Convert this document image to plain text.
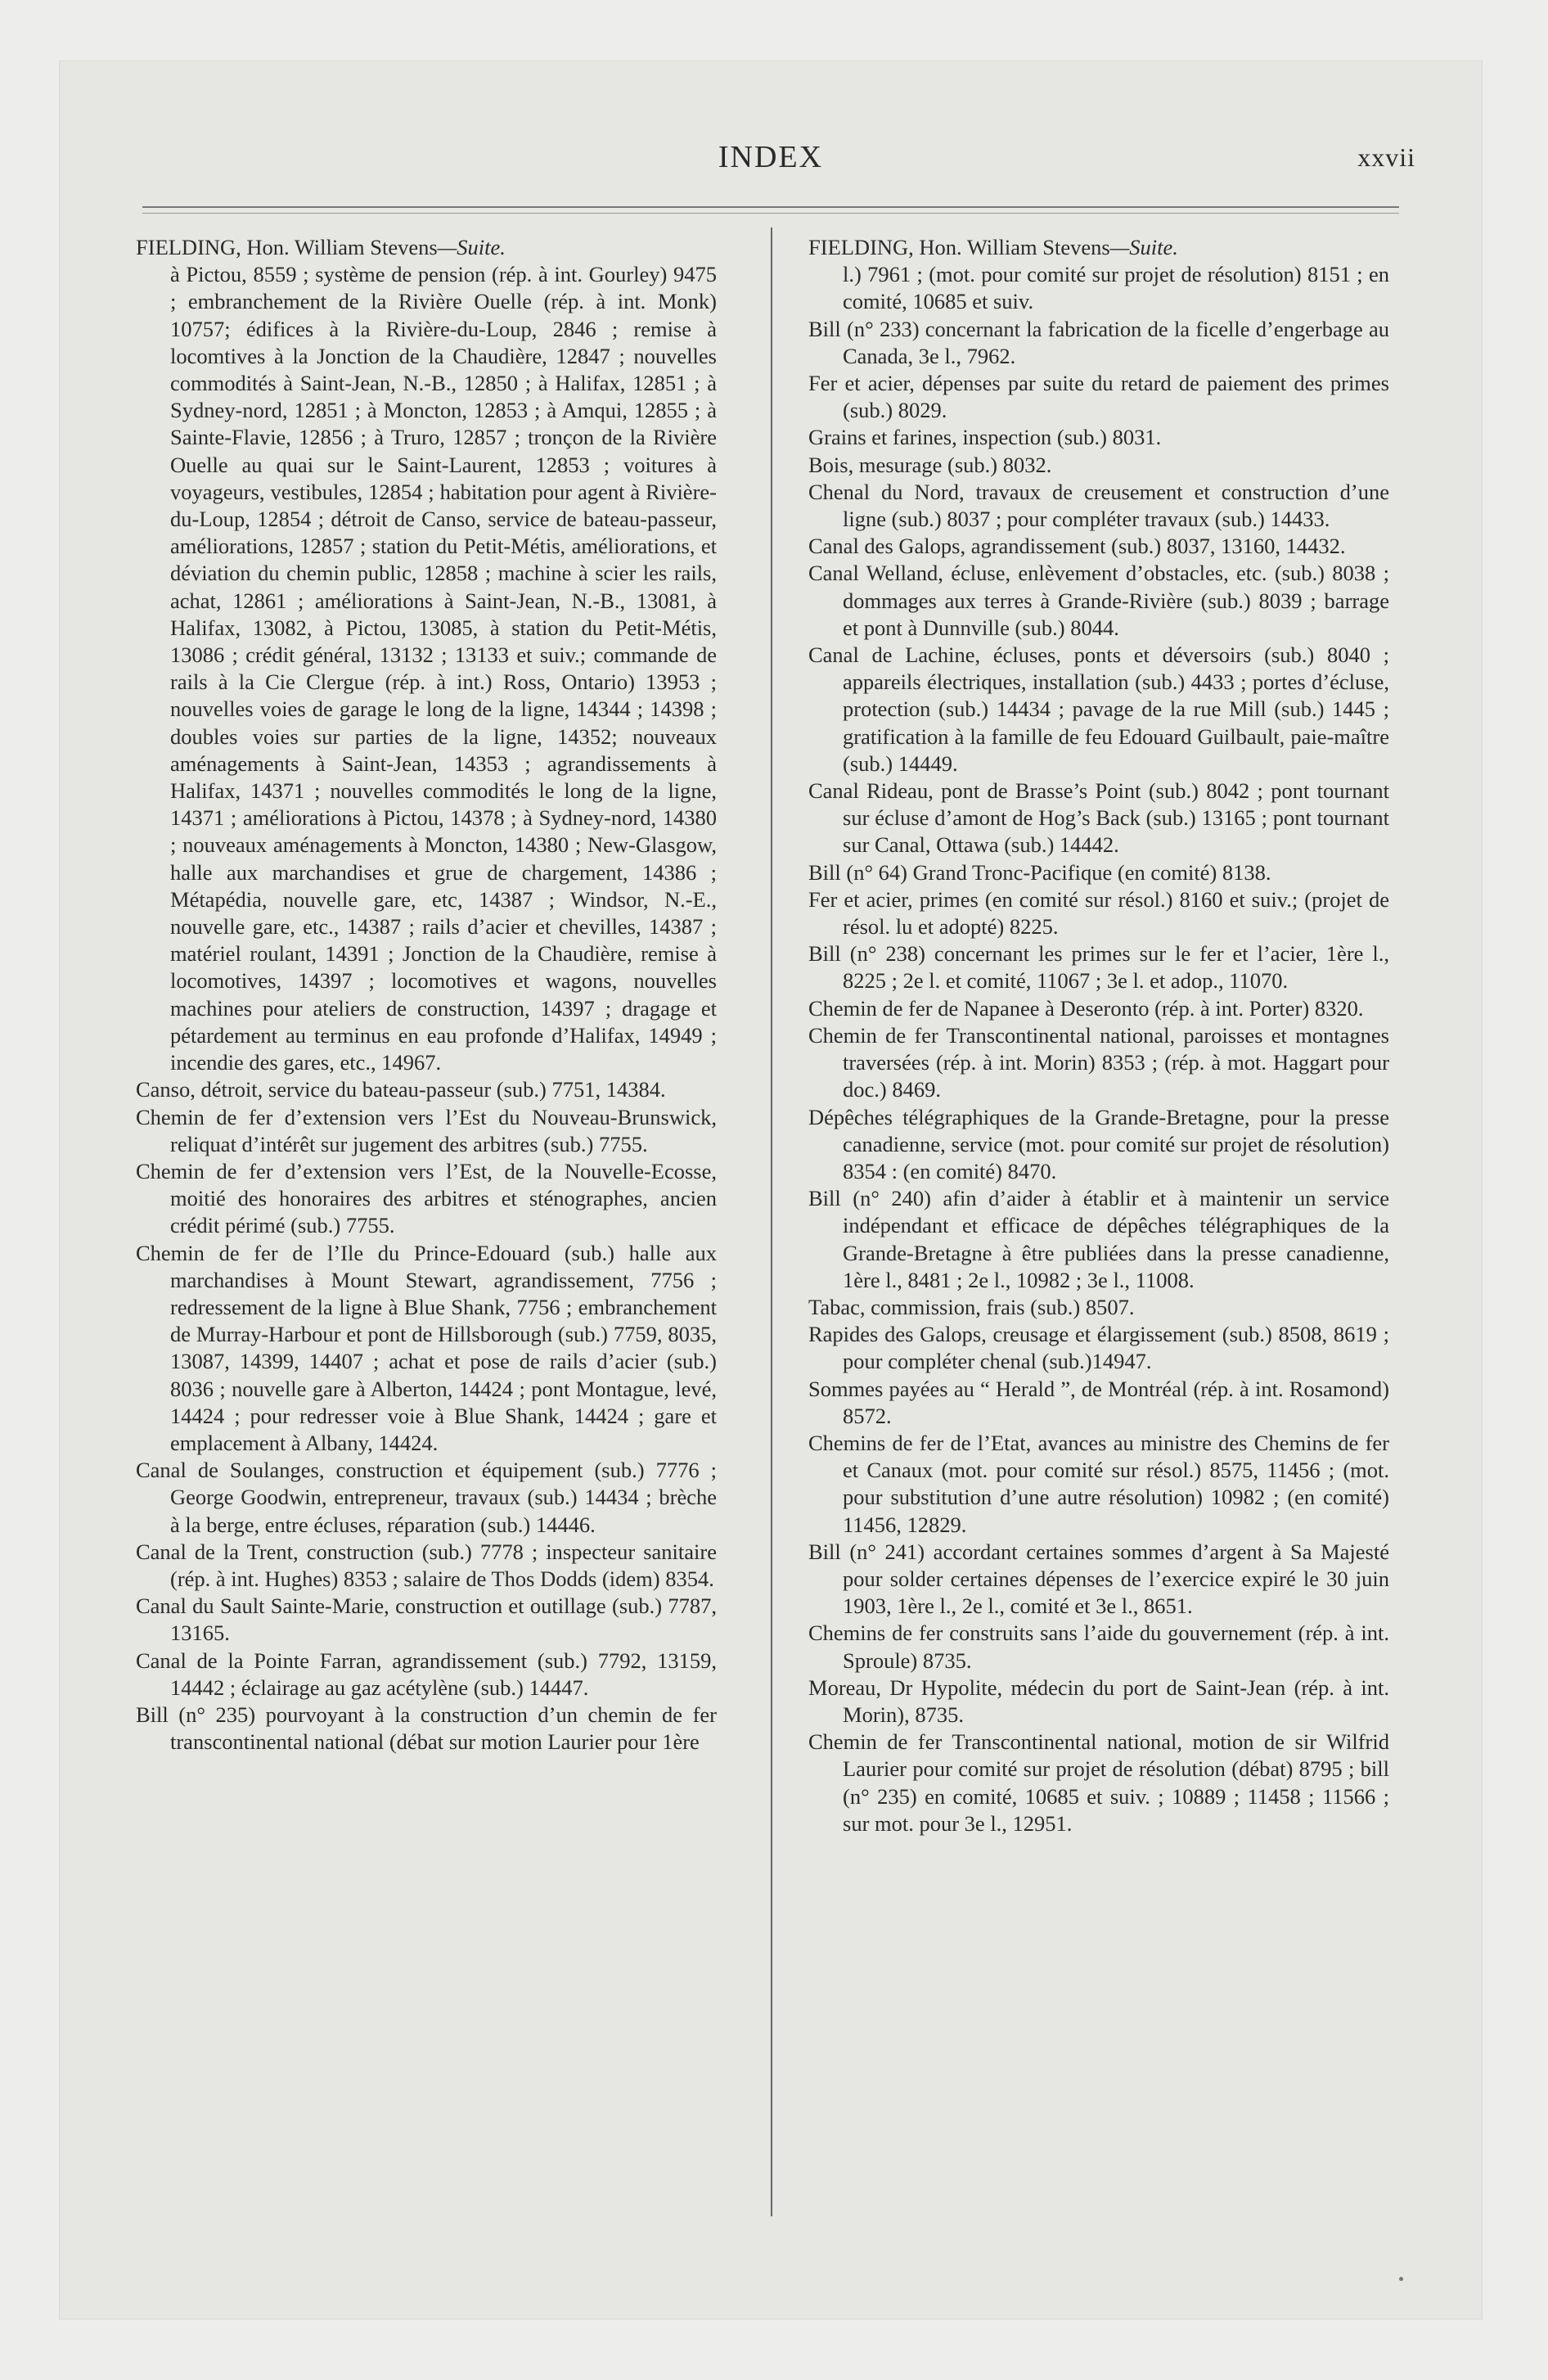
INDEX	xxvii

FIELDING, Hon. William Stevens—Suite.

à Pictou, 8559 ; système de pension (rép. à int. Gourley) 9475 ; embranchement de la Rivière Ouelle (rép. à int. Monk) 10757; édifices à la Rivière-du-Loup, 2846 ; remise à locomtives à la Jonction de la Chaudière, 12847 ; nouvelles commodités à Saint-Jean, N.-B., 12850 ; à Halifax, 12851 ; à Sydney-nord, 12851 ; à Moncton, 12853 ; à Amqui, 12855 ; à Sainte-Flavie, 12856 ; à Truro, 12857 ; tronçon de la Rivière Ouelle au quai sur le Saint-Laurent, 12853 ; voitures à voyageurs, vestibules, 12854 ; habitation pour agent à Rivière-du-Loup, 12854 ; détroit de Canso, service de bateau-passeur, améliorations, 12857 ; station du Petit-Métis, améliorations, et déviation du chemin public, 12858 ; machine à scier les rails, achat, 12861 ; améliorations à Saint-Jean, N.-B., 13081, à Halifax, 13082, à Pictou, 13085, à station du Petit-Métis, 13086 ; crédit général, 13132 ; 13133 et suiv.; commande de rails à la Cie Clergue (rép. à int.) Ross, Ontario) 13953 ; nouvelles voies de garage le long de la ligne, 14344 ; 14398 ; doubles voies sur parties de la ligne, 14352; nouveaux aménagements à Saint-Jean, 14353 ; agrandissements à Halifax, 14371 ; nouvelles commodités le long de la ligne, 14371 ; améliorations à Pictou, 14378 ; à Sydney-nord, 14380 ; nouveaux aménagements à Moncton, 14380 ; New-Glasgow, halle aux marchandises et grue de chargement, 14386 ; Métapédia, nouvelle gare, etc, 14387 ; Windsor, N.-E., nouvelle gare, etc., 14387 ; rails d’acier et chevilles, 14387 ; matériel roulant, 14391 ; Jonction de la Chaudière, remise à locomotives, 14397 ; locomotives et wagons, nouvelles machines pour ateliers de construction, 14397 ; dragage et pétardement au terminus en eau profonde d’Halifax, 14949 ; incendie des gares, etc., 14967.

Canso, détroit, service du bateau-passeur (sub.) 7751, 14384.

Chemin de fer d’extension vers l’Est du Nouveau-Brunswick, reliquat d’intérêt sur jugement des arbitres (sub.) 7755.

Chemin de fer d’extension vers l’Est, de la Nouvelle-Ecosse, moitié des honoraires des arbitres et sténographes, ancien crédit périmé (sub.) 7755.

Chemin de fer de l’Ile du Prince-Edouard (sub.) halle aux marchandises à Mount Stewart, agrandissement, 7756 ; redressement de la ligne à Blue Shank, 7756 ; embranchement de Murray-Harbour et pont de Hillsborough (sub.) 7759, 8035, 13087, 14399, 14407 ; achat et pose de rails d’acier (sub.) 8036 ; nouvelle gare à Alberton, 14424 ; pont Montague, levé, 14424 ; pour redresser voie à Blue Shank, 14424 ; gare et emplacement à Albany, 14424.

Canal de Soulanges, construction et équipement (sub.) 7776 ; George Goodwin, entrepreneur, travaux (sub.) 14434 ; brèche à la berge, entre écluses, réparation (sub.) 14446.

Canal de la Trent, construction (sub.) 7778 ; inspecteur sanitaire (rép. à int. Hughes) 8353 ; salaire de Thos Dodds (idem) 8354.

Canal du Sault Sainte-Marie, construction et outillage (sub.) 7787, 13165.

Canal de la Pointe Farran, agrandissement (sub.) 7792, 13159, 14442 ; éclairage au gaz acétylène (sub.) 14447.

Bill (n° 235) pourvoyant à la construction d’un chemin de fer transcontinental national (débat sur motion Laurier pour 1ère

FIELDING, Hon. William Stevens—Suite.

l.) 7961 ; (mot. pour comité sur projet de résolution) 8151 ; en comité, 10685 et suiv.

Bill (n° 233) concernant la fabrication de la ficelle d’engerbage au Canada, 3e l., 7962.

Fer et acier, dépenses par suite du retard de paiement des primes (sub.) 8029.

Grains et farines, inspection (sub.) 8031.

Bois, mesurage (sub.) 8032.

Chenal du Nord, travaux de creusement et construction d’une ligne (sub.) 8037 ; pour compléter travaux (sub.) 14433.

Canal des Galops, agrandissement (sub.) 8037, 13160, 14432.

Canal Welland, écluse, enlèvement d’obstacles, etc. (sub.) 8038 ; dommages aux terres à Grande-Rivière (sub.) 8039 ; barrage et pont à Dunnville (sub.) 8044.

Canal de Lachine, écluses, ponts et déversoirs (sub.) 8040 ; appareils électriques, installation (sub.) 4433 ; portes d’écluse, protection (sub.) 14434 ; pavage de la rue Mill (sub.) 1445 ; gratification à la famille de feu Edouard Guilbault, paie-maître (sub.) 14449.

Canal Rideau, pont de Brasse’s Point (sub.) 8042 ; pont tournant sur écluse d’amont de Hog’s Back (sub.) 13165 ; pont tournant sur Canal, Ottawa (sub.) 14442.

Bill (n° 64) Grand Tronc-Pacifique (en comité) 8138.

Fer et acier, primes (en comité sur résol.) 8160 et suiv.; (projet de résol. lu et adopté) 8225.

Bill (n° 238) concernant les primes sur le fer et l’acier, 1ère l., 8225 ; 2e l. et comité, 11067 ; 3e l. et adop., 11070.

Chemin de fer de Napanee à Deseronto (rép. à int. Porter) 8320.

Chemin de fer Transcontinental national, paroisses et montagnes traversées (rép. à int. Morin) 8353 ; (rép. à mot. Haggart pour doc.) 8469.

Dépêches télégraphiques de la Grande-Bretagne, pour la presse canadienne, service (mot. pour comité sur projet de résolution) 8354 : (en comité) 8470.

Bill (n° 240) afin d’aider à établir et à maintenir un service indépendant et efficace de dépêches télégraphiques de la Grande-Bretagne à être publiées dans la presse canadienne, 1ère l., 8481 ; 2e l., 10982 ; 3e l., 11008.

Tabac, commission, frais (sub.) 8507.

Rapides des Galops, creusage et élargissement (sub.) 8508, 8619 ; pour compléter chenal (sub.)14947.

Sommes payées au “ Herald ”, de Montréal (rép. à int. Rosamond) 8572.

Chemins de fer de l’Etat, avances au ministre des Chemins de fer et Canaux (mot. pour comité sur résol.) 8575, 11456 ; (mot. pour substitution d’une autre résolution) 10982 ; (en comité) 11456, 12829.

Bill (n° 241) accordant certaines sommes d’argent à Sa Majesté pour solder certaines dépenses de l’exercice expiré le 30 juin 1903, 1ère l., 2e l., comité et 3e l., 8651.

Chemins de fer construits sans l’aide du gouvernement (rép. à int. Sproule) 8735.

Moreau, Dr Hypolite, médecin du port de Saint-Jean (rép. à int. Morin), 8735.

Chemin de fer Transcontinental national, motion de sir Wilfrid Laurier pour comité sur projet de résolution (débat) 8795 ; bill (n° 235) en comité, 10685 et suiv. ; 10889 ; 11458 ; 11566 ; sur mot. pour 3e l., 12951.
